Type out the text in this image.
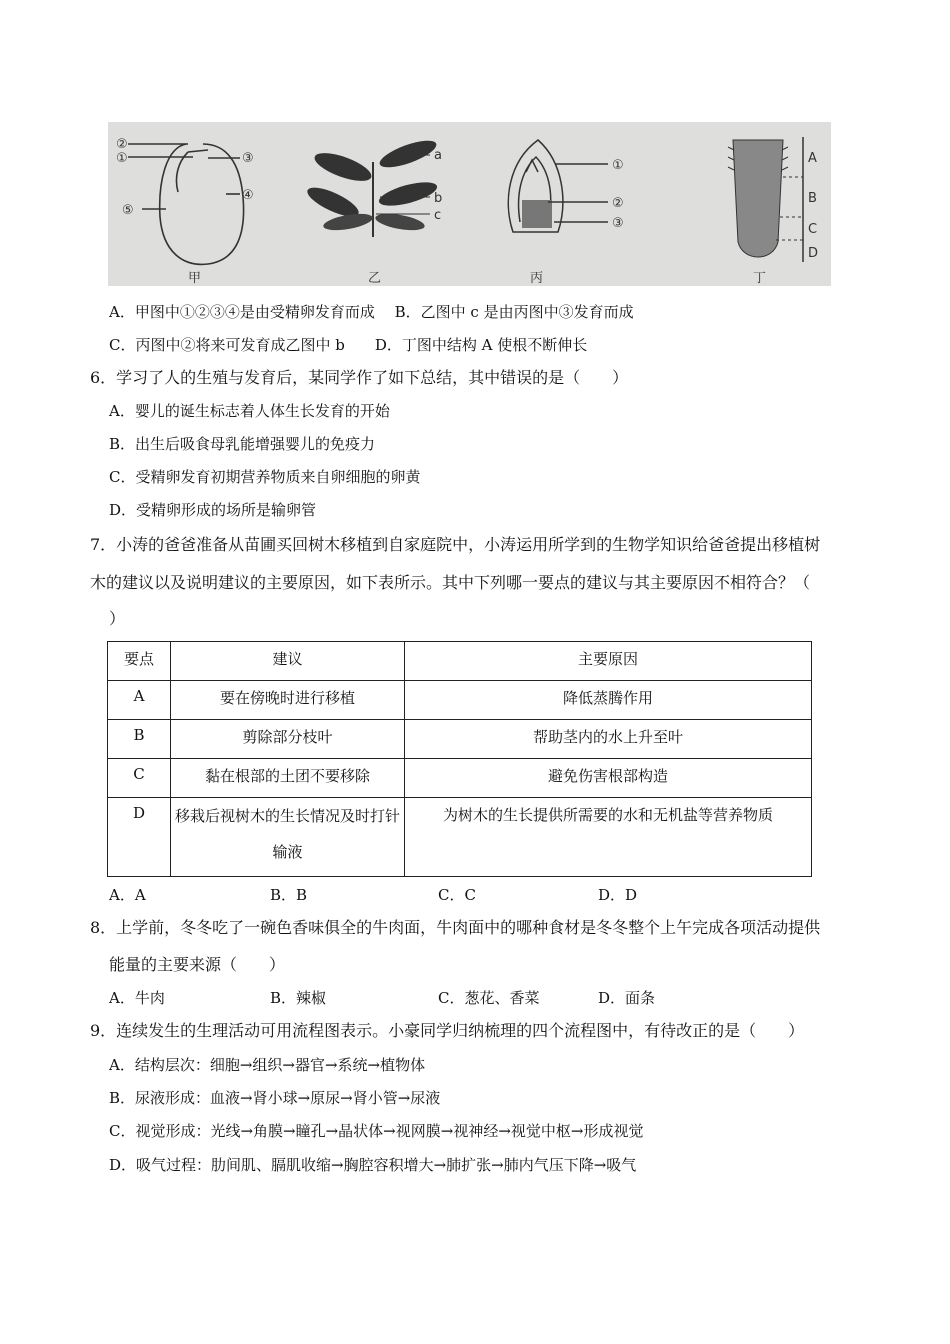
②
①	③
④
⑤
甲
a
b
c
乙
①
②
③
丙
A
B
C
D
丁
A．甲图中①②③④是由受精卵发育而成　 B．乙图中 c 是由丙图中③发育而成
C．丙图中②将来可发育成乙图中 b　　D．丁图中结构 A 使根不断伸长
6．学习了人的生殖与发育后，某同学作了如下总结，其中错误的是（　　）
A．婴儿的诞生标志着人体生长发育的开始
B．出生后吸食母乳能增强婴儿的免疫力
C．受精卵发育初期营养物质来自卵细胞的卵黄
D．受精卵形成的场所是输卵管
7．小涛的爸爸准备从苗圃买回树木移植到自家庭院中，小涛运用所学到的生物学知识给爸爸提出移植树
木的建议以及说明建议的主要原因，如下表所示。其中下列哪一要点的建议与其主要原因不相符合？（
）
要点	建议	主要原因
A	要在傍晚时进行移植	降低蒸腾作用
B	剪除部分枝叶	帮助茎内的水上升至叶
C	黏在根部的土团不要移除	避免伤害根部构造
D	移栽后视树木的生长情况及时打针输液	为树木的生长提供所需要的水和无机盐等营养物质
A．A	B．B	C．C	D．D
8．上学前，冬冬吃了一碗色香味俱全的牛肉面，牛肉面中的哪种食材是冬冬整个上午完成各项活动提供
能量的主要来源（　　）
A．牛肉	B．辣椒	C．葱花、香菜	D．面条
9．连续发生的生理活动可用流程图表示。小豪同学归纳梳理的四个流程图中，有待改正的是（　　）
A．结构层次：细胞→组织→器官→系统→植物体
B．尿液形成：血液→肾小球→原尿→肾小管→尿液
C．视觉形成：光线→角膜→瞳孔→晶状体→视网膜→视神经→视觉中枢→形成视觉
D．吸气过程：肋间肌、膈肌收缩→胸腔容积增大→肺扩张→肺内气压下降→吸气
